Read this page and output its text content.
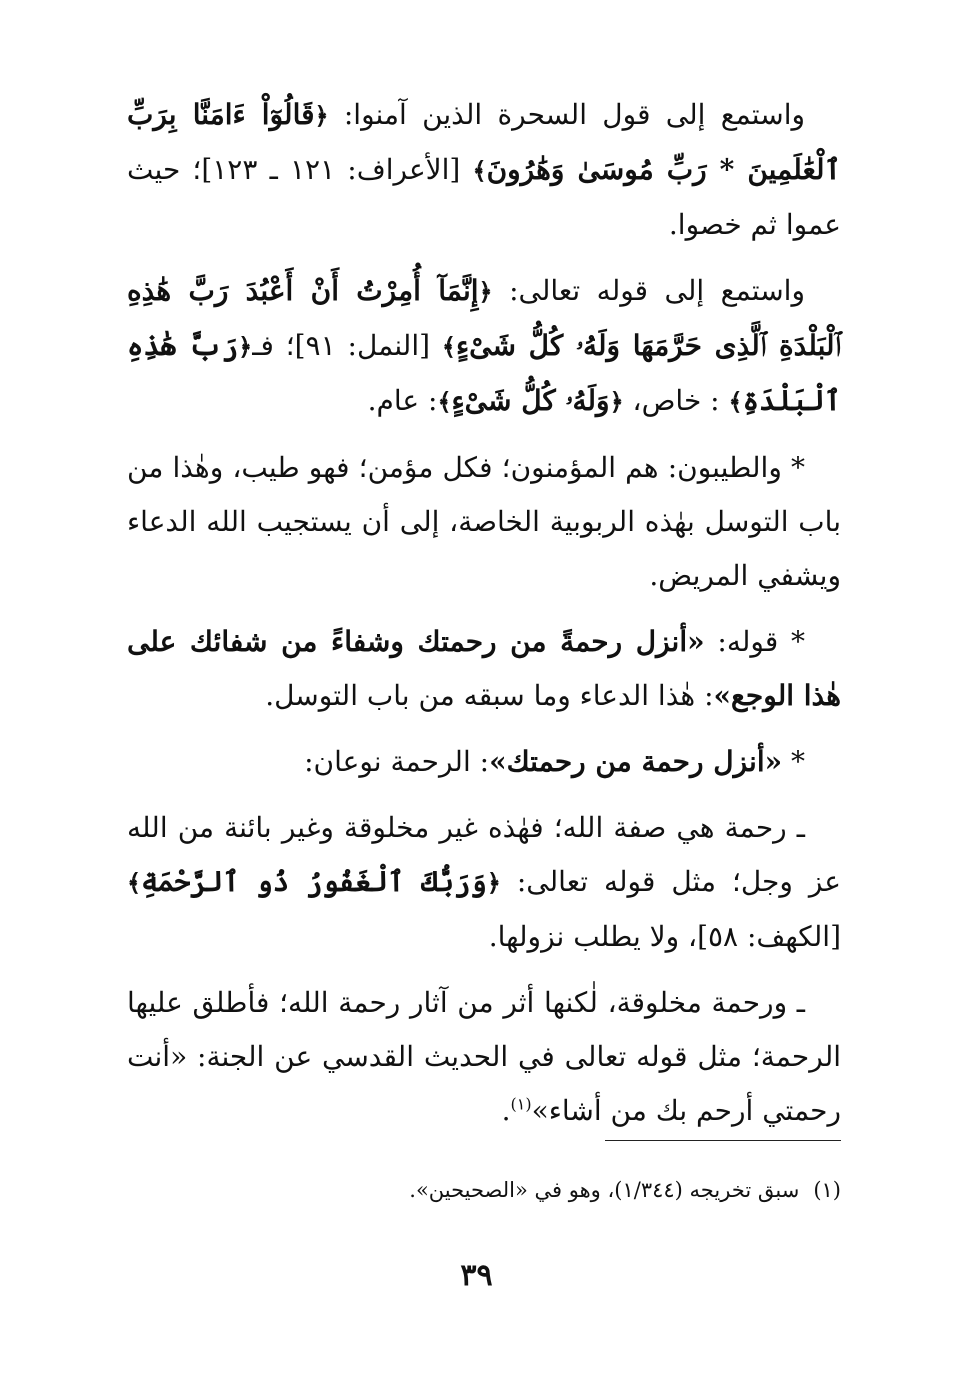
واستمع إلى قول السحرة الذين آمنوا: ﴿قَالُوٓاْ ءَامَنَّا بِرَبِّ ٱلْعَٰلَمِينَ * رَبِّ مُوسَىٰ وَهَٰرُونَ﴾ [الأعراف: ١٢١ ـ ١٢٣]؛ حيث عموا ثم خصوا.

واستمع إلى قوله تعالى: ﴿إِنَّمَآ أُمِرْتُ أَنْ أَعْبُدَ رَبَّ هَٰذِهِ ٱلْبَلْدَةِ ٱلَّذِى حَرَّمَهَا وَلَهُۥ كُلُّ شَىْءٍ﴾ [النمل: ٩١]؛ فـ﴿رَبَّ هَٰذِهِ ٱلْبَلْدَةِ﴾ : خاص، ﴿وَلَهُۥ كُلُّ شَىْءٍ﴾: عام.

* والطيبون: هم المؤمنون؛ فكل مؤمن؛ فهو طيب، وهٰذا من باب التوسل بهٰذه الربوبية الخاصة، إلى أن يستجيب الله الدعاء ويشفي المريض.

* قوله: «أنزل رحمةً من رحمتك وشفاءً من شفائك على هٰذا الوجع»: هٰذا الدعاء وما سبقه من باب التوسل.

* «أنزل رحمة من رحمتك»: الرحمة نوعان:

ـ رحمة هي صفة الله؛ فهٰذه غير مخلوقة وغير بائنة من الله عز وجل؛ مثل قوله تعالى: ﴿وَرَبُّكَ ٱلْغَفُورُ ذُو ٱلرَّحْمَةِ﴾ [الكهف: ٥٨]، ولا يطلب نزولها.

ـ ورحمة مخلوقة، لٰكنها أثر من آثار رحمة الله؛ فأطلق عليها الرحمة؛ مثل قوله تعالى في الحديث القدسي عن الجنة: «أنت رحمتي أرحم بك من أشاء»$^{(١)}$.

(١)سبق تخريجه (١/٣٤٤)، وهو في «الصحيحين».
٣٩
